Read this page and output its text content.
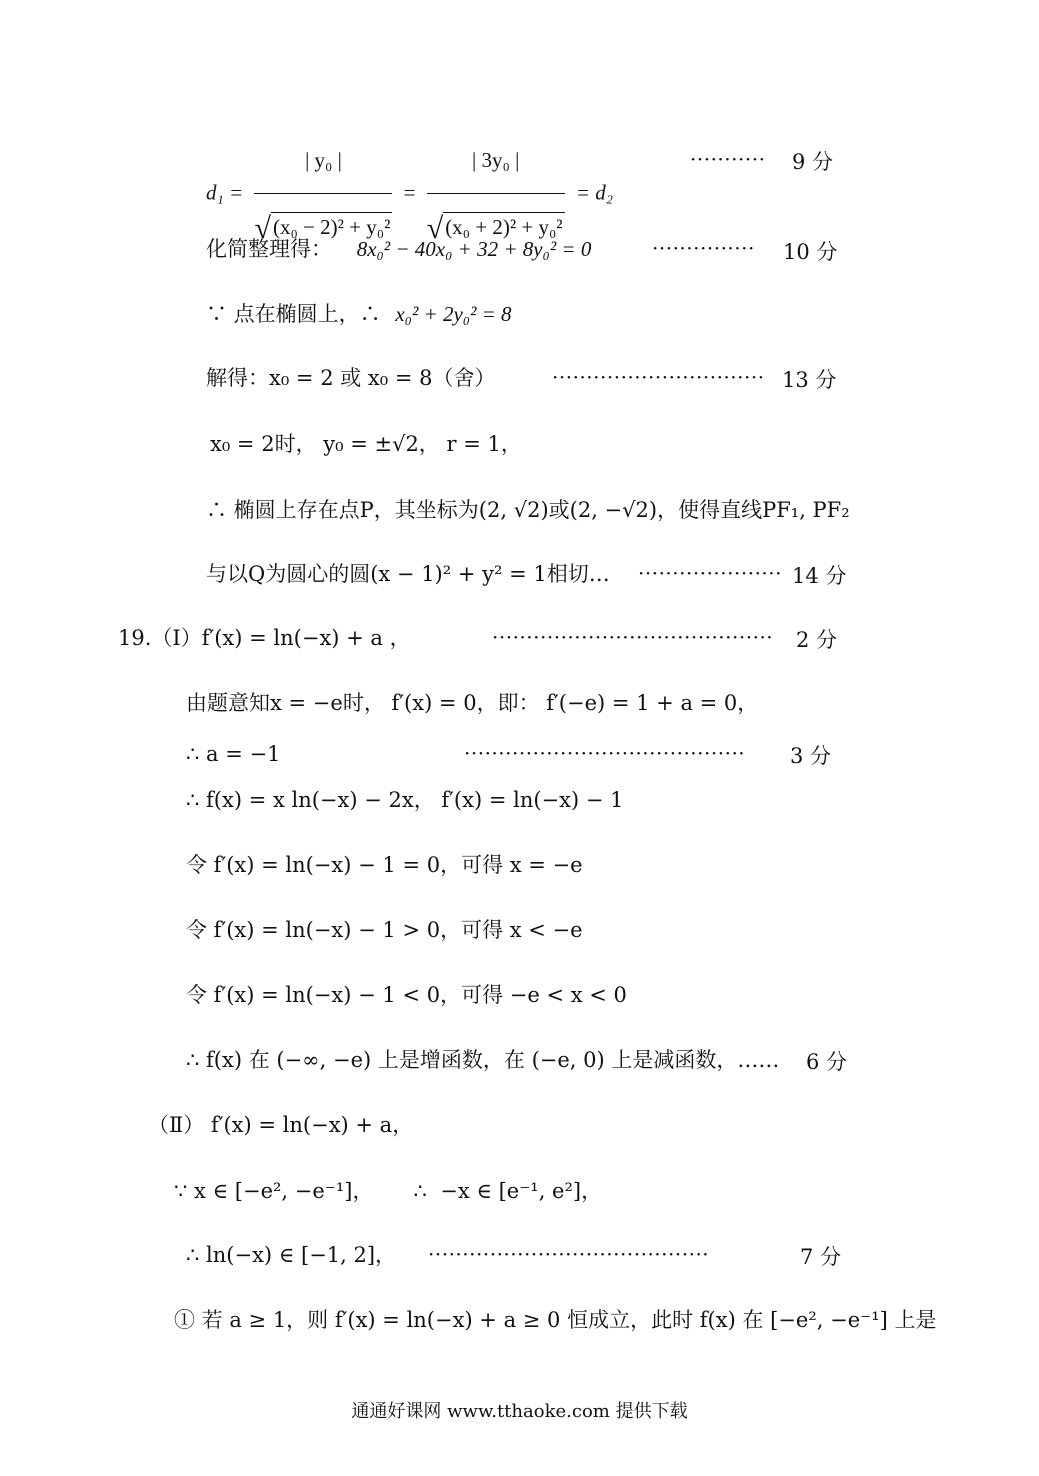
$d_1 = \frac{\text{| y₀ |}}{\text{√(x₀ − 2)² + y₀²}} = \frac{\text{| 3y₀ |}}{\text{√(x₀ + 2)² + y₀²}} = d_2$
··········· 9 分
化简整理得： 8x₀² − 40x₀ + 32 + 8y₀² = 0	··············· 10 分
∵ 点在椭圆上，∴ x₀² + 2y₀² = 8
解得：x₀ = 2 或 x₀ = 8（舍）	······························· 13 分
x₀ = 2时， y₀ = ±√2， r = 1，
∴ 椭圆上存在点P，其坐标为(2, √2)或(2, −√2)，使得直线PF₁, PF₂
与以Q为圆心的圆(x − 1)² + y² = 1相切… ····················· 14 分
19.（Ⅰ）f′(x) = ln(−x) + a ，	········································· 2 分
由题意知x = −e时， f′(x) = 0，即： f′(−e) = 1 + a = 0，
∴ a = −1	········································· 3 分
∴ f(x) = x ln(−x) − 2x， f′(x) = ln(−x) − 1
令 f′(x) = ln(−x) − 1 = 0，可得 x = −e
令 f′(x) = ln(−x) − 1 > 0，可得 x < −e
令 f′(x) = ln(−x) − 1 < 0，可得 −e < x < 0
∴ f(x) 在 (−∞, −e) 上是增函数，在 (−e, 0) 上是减函数，…… 6 分
（Ⅱ） f′(x) = ln(−x) + a，
∵ x ∈ [−e², −e⁻¹]，      ∴  −x ∈ [e⁻¹, e²]，
∴ ln(−x) ∈ [−1, 2]， ·········································	7 分
① 若 a ≥ 1，则 f′(x) = ln(−x) + a ≥ 0 恒成立，此时 f(x) 在 [−e², −e⁻¹] 上是
通通好课网 www.tthaoke.com 提供下载
